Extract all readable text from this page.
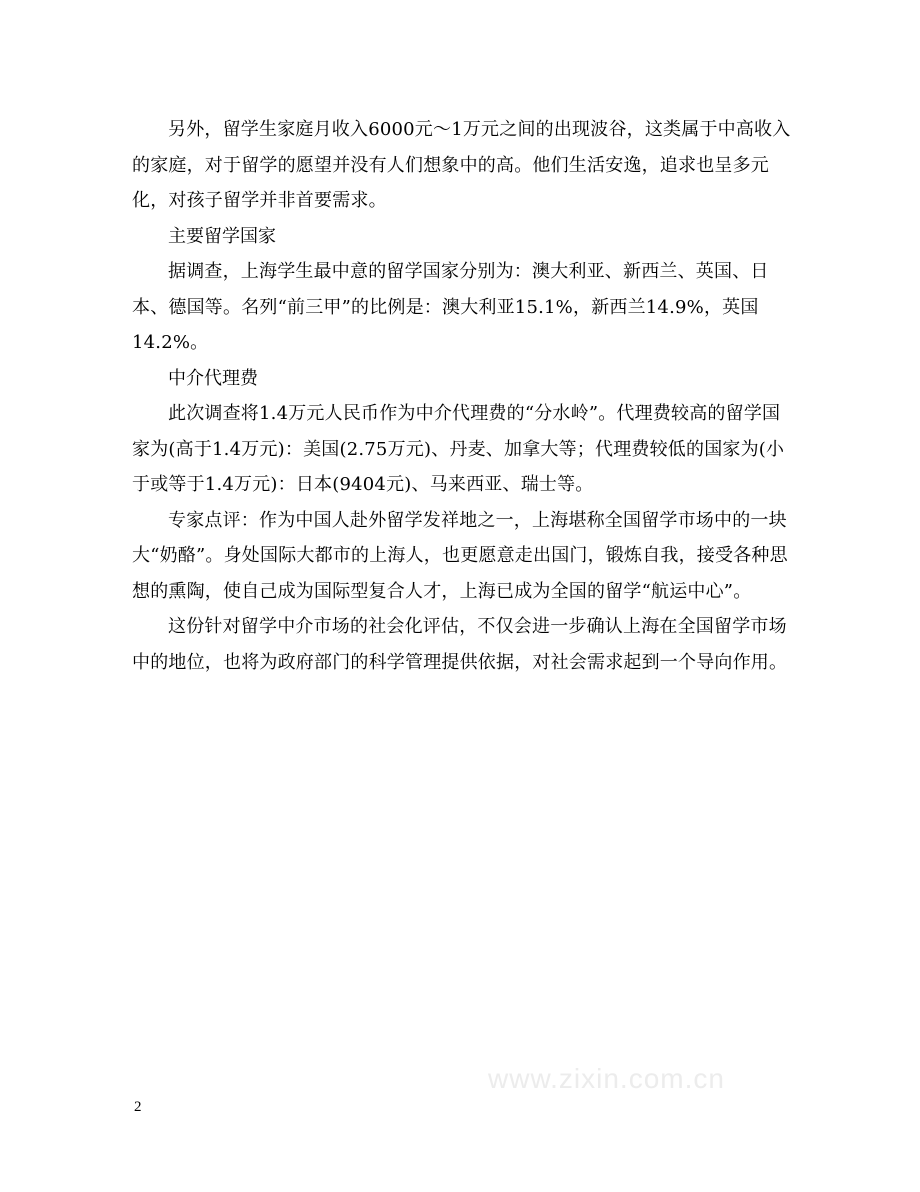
另外，留学生家庭月收入6000元～1万元之间的出现波谷，这类属于中高收入的家庭，对于留学的愿望并没有人们想象中的高。他们生活安逸，追求也呈多元化，对孩子留学并非首要需求。

主要留学国家

据调查，上海学生最中意的留学国家分别为：澳大利亚、新西兰、英国、日本、德国等。名列“前三甲”的比例是：澳大利亚15.1%，新西兰14.9%，英国14.2%。

中介代理费

此次调查将1.4万元人民币作为中介代理费的“分水岭”。代理费较高的留学国家为(高于1.4万元)：美国(2.75万元)、丹麦、加拿大等；代理费较低的国家为(小于或等于1.4万元)：日本(9404元)、马来西亚、瑞士等。

专家点评：作为中国人赴外留学发祥地之一，上海堪称全国留学市场中的一块大“奶酪”。身处国际大都市的上海人，也更愿意走出国门，锻炼自我，接受各种思想的熏陶，使自己成为国际型复合人才，上海已成为全国的留学“航运中心”。

这份针对留学中介市场的社会化评估，不仅会进一步确认上海在全国留学市场中的地位，也将为政府部门的科学管理提供依据，对社会需求起到一个导向作用。

www.zixin.com.cn
2
